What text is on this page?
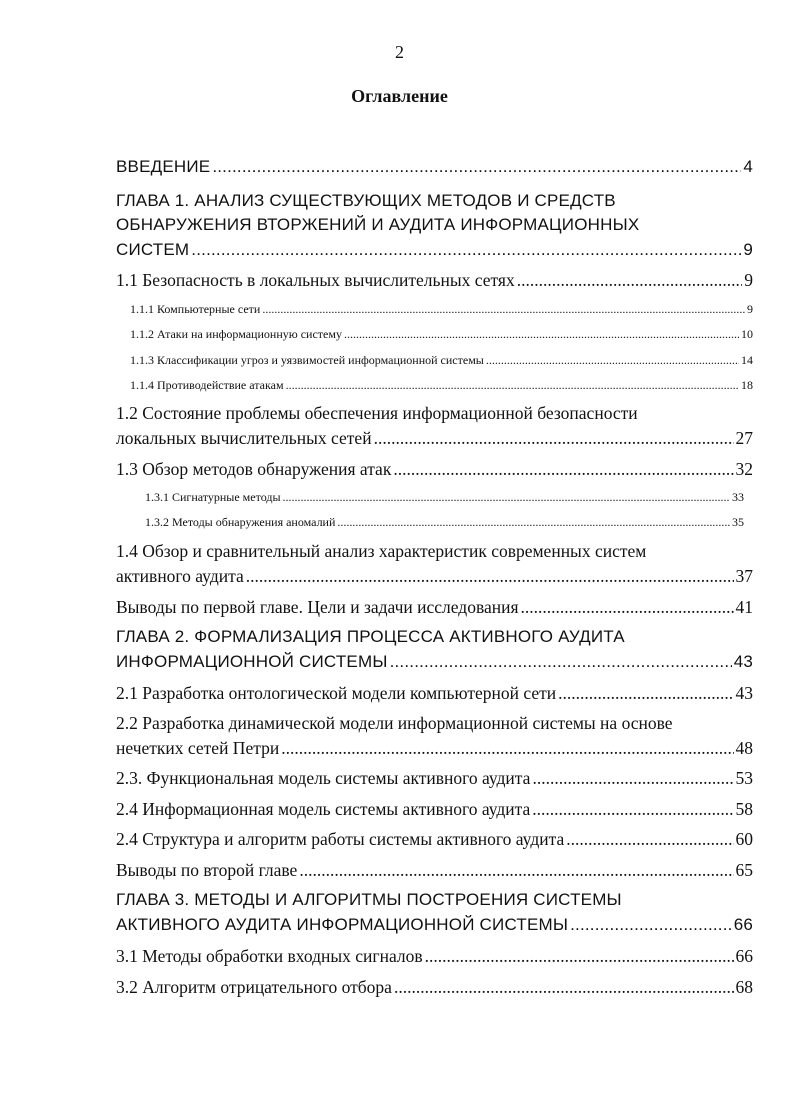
2
Оглавление
ВВЕДЕНИЕ .....	4
ГЛАВА 1. АНАЛИЗ СУЩЕСТВУЮЩИХ МЕТОДОВ И СРЕДСТВ
ОБНАРУЖЕНИЯ ВТОРЖЕНИЙ И АУДИТА ИНФОРМАЦИОННЫХ
СИСТЕМ .....	9
1.1 Безопасность в локальных вычислительных сетях .....	9
1.1.1 Компьютерные сети .....	9
1.1.2 Атаки на информационную систему .....	10
1.1.3 Классификации угроз и уязвимостей информационной системы .....	14
1.1.4 Противодействие атакам .....	18
1.2 Состояние проблемы обеспечения информационной безопасности
локальных вычислительных сетей .....	27
1.3 Обзор методов обнаружения атак .....	32
1.3.1 Сигнатурные методы .....	33
1.3.2 Методы обнаружения аномалий .....	35
1.4 Обзор и сравнительный анализ характеристик современных систем
активного аудита .....	37
Выводы по первой главе. Цели и задачи исследования .....	41
ГЛАВА 2. ФОРМАЛИЗАЦИЯ ПРОЦЕССА АКТИВНОГО АУДИТА
ИНФОРМАЦИОННОЙ СИСТЕМЫ .....	43
2.1 Разработка онтологической модели компьютерной сети .....	43
2.2 Разработка динамической модели информационной системы на основе
нечетких сетей Петри .....	48
2.3. Функциональная модель системы активного аудита .....	53
2.4 Информационная модель системы активного аудита .....	58
2.4 Структура и алгоритм работы системы активного аудита .....	60
Выводы по второй главе .....	65
ГЛАВА 3. МЕТОДЫ И АЛГОРИТМЫ ПОСТРОЕНИЯ СИСТЕМЫ
АКТИВНОГО АУДИТА ИНФОРМАЦИОННОЙ СИСТЕМЫ .....	66
3.1 Методы обработки входных сигналов .....	66
3.2 Алгоритм отрицательного отбора .....	68
